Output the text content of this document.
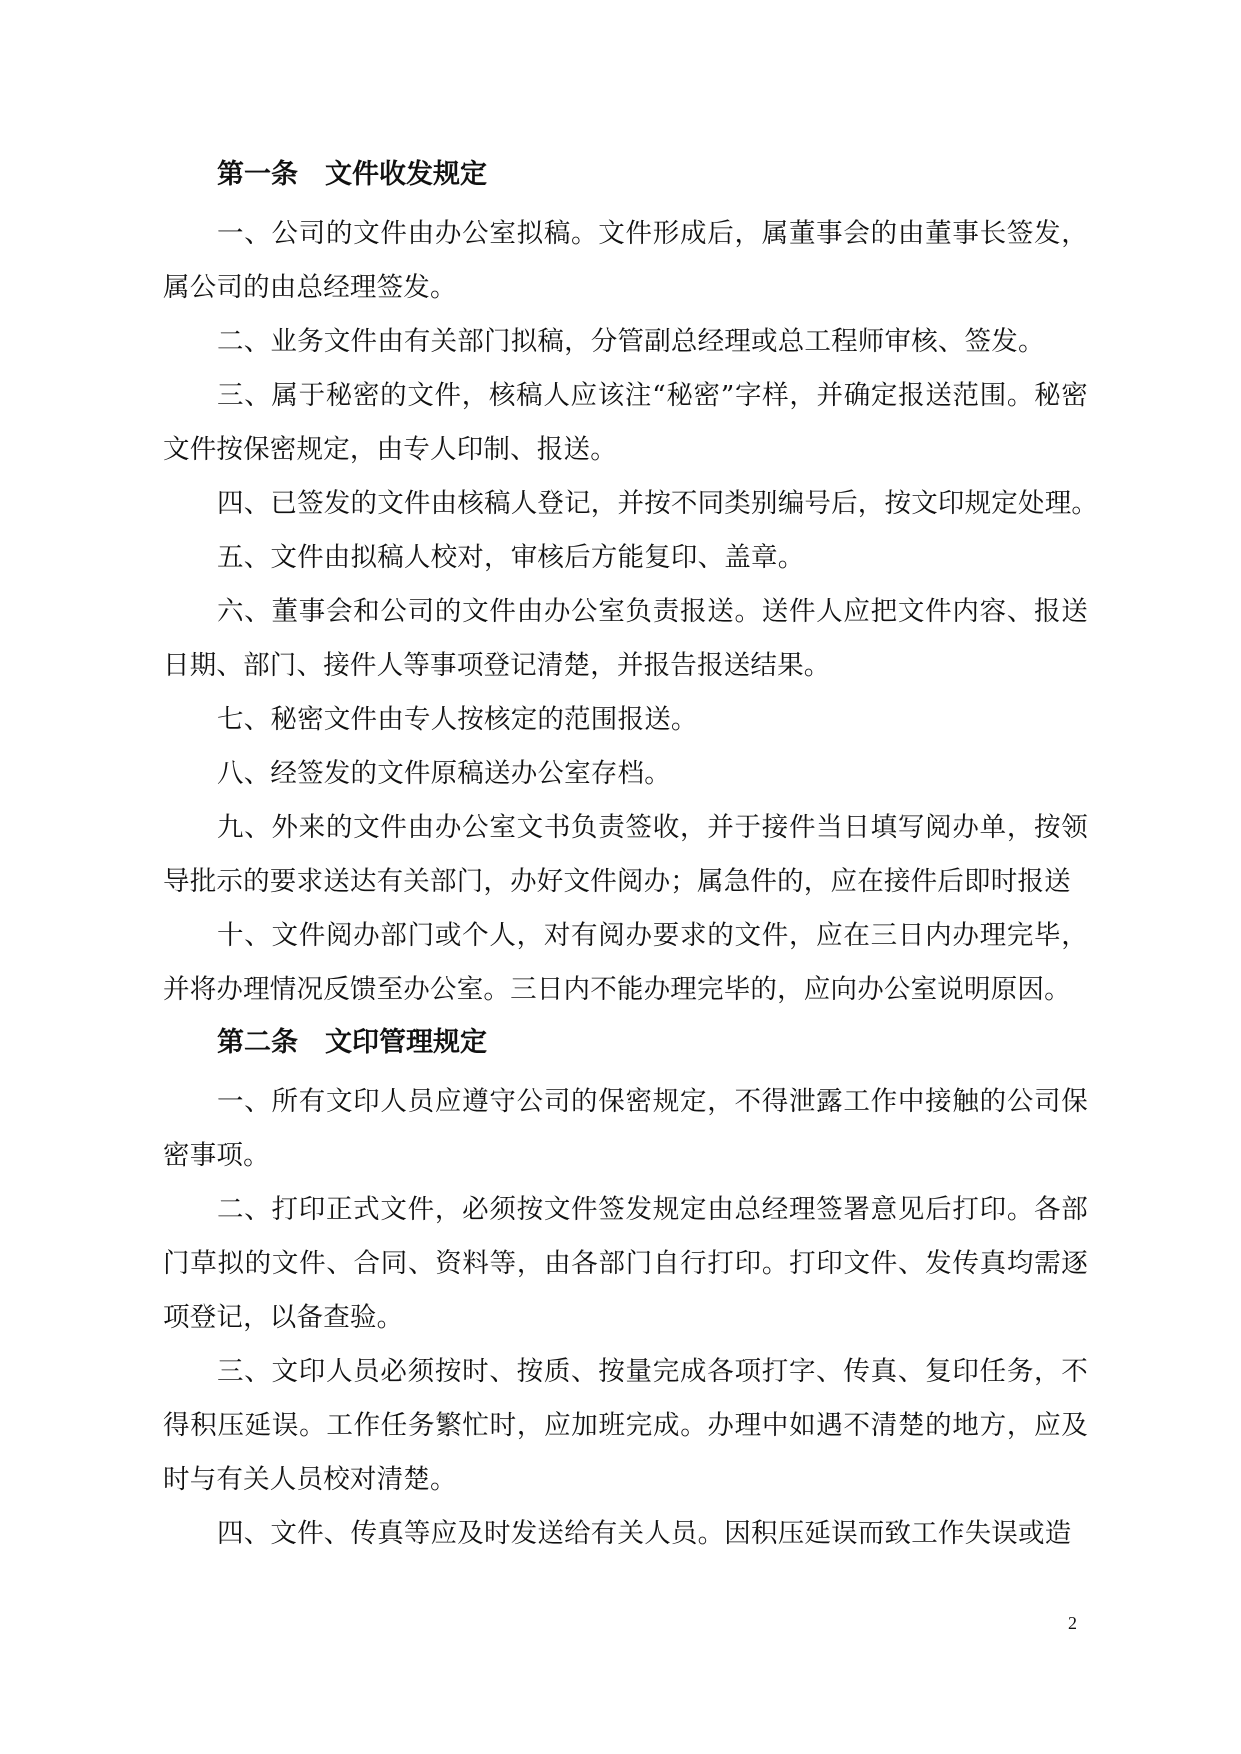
第一条　文件收发规定

一、公司的文件由办公室拟稿。文件形成后，属董事会的由董事长签发，属公司的由总经理签发。

二、业务文件由有关部门拟稿，分管副总经理或总工程师审核、签发。

三、属于秘密的文件，核稿人应该注“秘密”字样，并确定报送范围。秘密文件按保密规定，由专人印制、报送。

四、已签发的文件由核稿人登记，并按不同类别编号后，按文印规定处理。

五、文件由拟稿人校对，审核后方能复印、盖章。

六、董事会和公司的文件由办公室负责报送。送件人应把文件内容、报送日期、部门、接件人等事项登记清楚，并报告报送结果。

七、秘密文件由专人按核定的范围报送。

八、经签发的文件原稿送办公室存档。

九、外来的文件由办公室文书负责签收，并于接件当日填写阅办单，按领导批示的要求送达有关部门，办好文件阅办；属急件的，应在接件后即时报送

十、文件阅办部门或个人，对有阅办要求的文件，应在三日内办理完毕，并将办理情况反馈至办公室。三日内不能办理完毕的，应向办公室说明原因。

第二条　文印管理规定

一、所有文印人员应遵守公司的保密规定，不得泄露工作中接触的公司保密事项。

二、打印正式文件，必须按文件签发规定由总经理签署意见后打印。各部门草拟的文件、合同、资料等，由各部门自行打印。打印文件、发传真均需逐项登记，以备查验。

三、文印人员必须按时、按质、按量完成各项打字、传真、复印任务，不得积压延误。工作任务繁忙时，应加班完成。办理中如遇不清楚的地方，应及时与有关人员校对清楚。

四、文件、传真等应及时发送给有关人员。因积压延误而致工作失误或造

2
